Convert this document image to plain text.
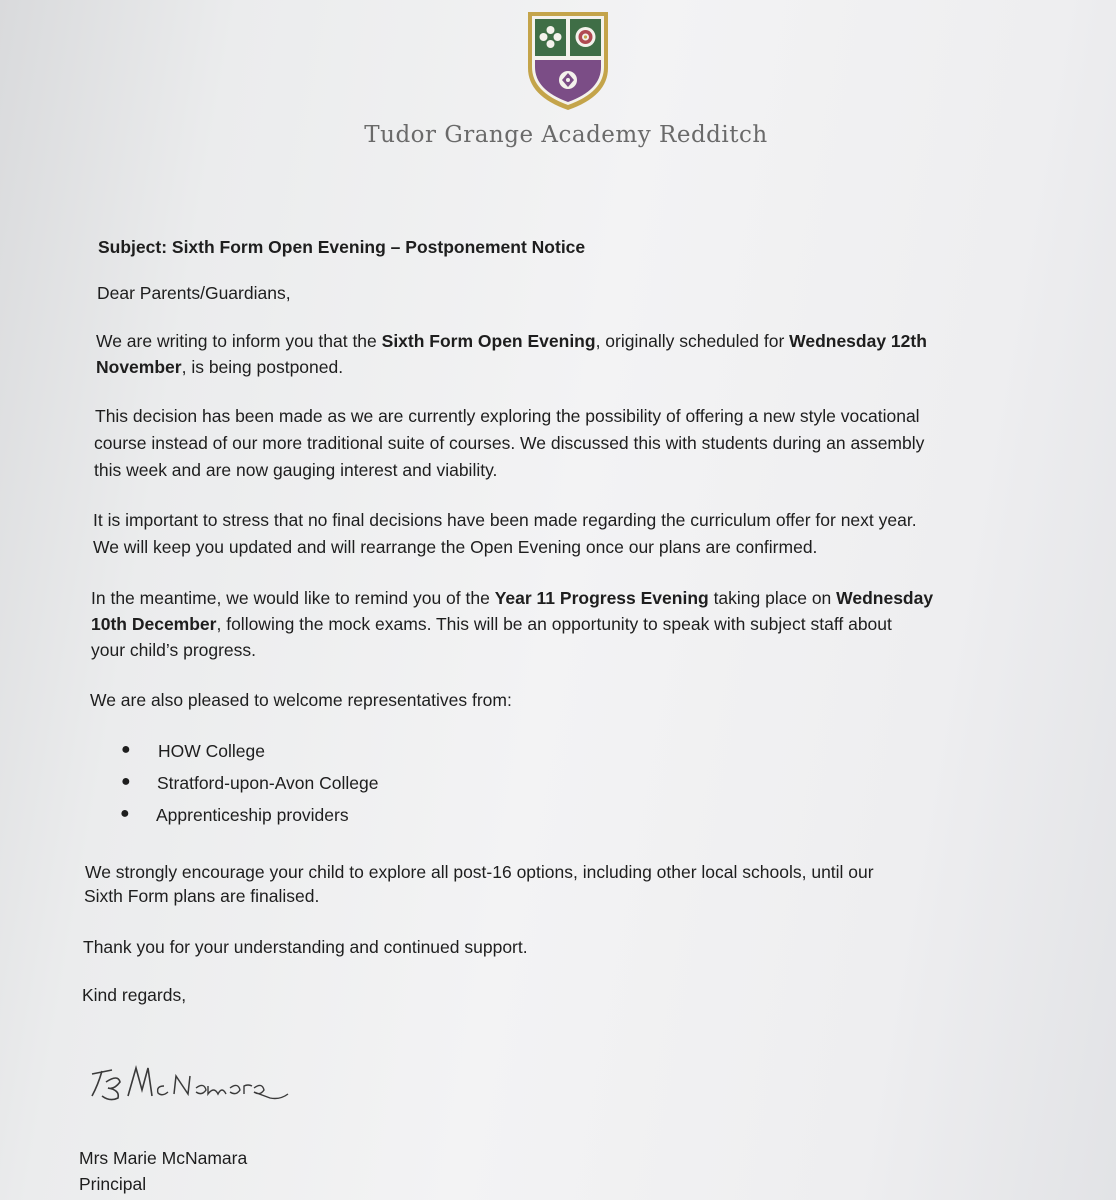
Tudor Grange Academy Redditch
Subject: Sixth Form Open Evening – Postponement Notice
Dear Parents/Guardians,
We are writing to inform you that the Sixth Form Open Evening, originally scheduled for Wednesday 12th
November, is being postponed.
This decision has been made as we are currently exploring the possibility of offering a new style vocational
course instead of our more traditional suite of courses. We discussed this with students during an assembly
this week and are now gauging interest and viability.
It is important to stress that no final decisions have been made regarding the curriculum offer for next year.
We will keep you updated and will rearrange the Open Evening once our plans are confirmed.
In the meantime, we would like to remind you of the Year 11 Progress Evening taking place on Wednesday
10th December, following the mock exams. This will be an opportunity to speak with subject staff about
your child’s progress.
We are also pleased to welcome representatives from:
● HOW College
● Stratford-upon-Avon College
● Apprenticeship providers
We strongly encourage your child to explore all post-16 options, including other local schools, until our
Sixth Form plans are finalised.
Thank you for your understanding and continued support.
Kind regards,
Mrs Marie McNamara
Principal
